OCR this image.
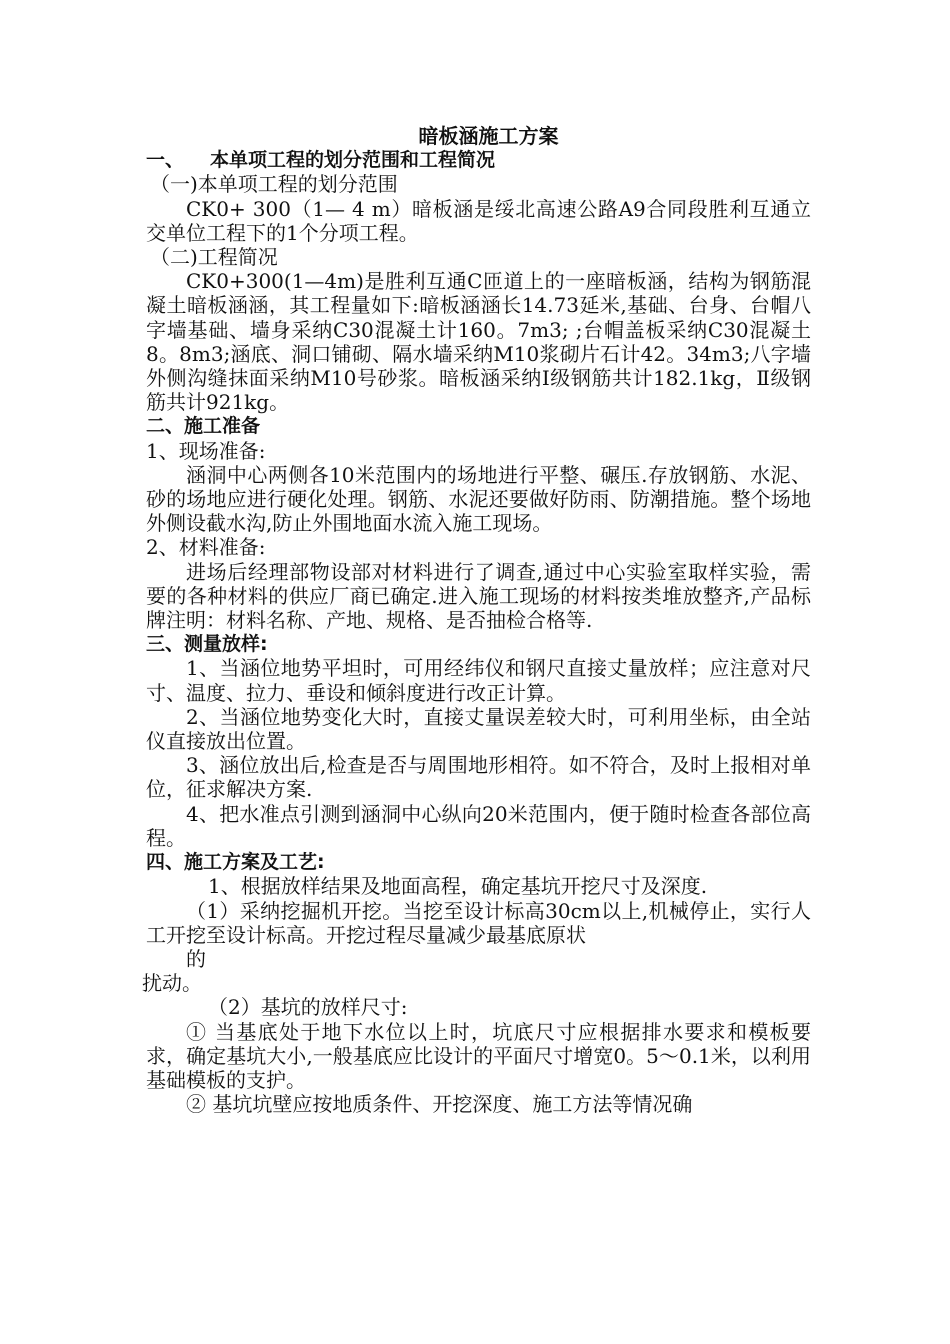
暗板涵施工方案
一、 本单项工程的划分范围和工程简况
（一)本单项工程的划分范围
CK0+ 300（1— 4 m）暗板涵是绥北高速公路A9合同段胜利互通立交单位工程下的1个分项工程。
（二)工程简况
CK0+300(1—4m)是胜利互通C匝道上的一座暗板涵，结构为钢筋混凝土暗板涵涵，其工程量如下:暗板涵涵长14.73延米,基础、台身、台帽八字墙基础、墙身采纳C30混凝土计160。7m3; ;台帽盖板采纳C30混凝土8。8m3;涵底、洞口铺砌、隔水墙采纳M10浆砌片石计42。34m3;八字墙外侧沟缝抹面采纳M10号砂浆。暗板涵采纳Ⅰ级钢筋共计182.1kg，Ⅱ级钢筋共计921kg。
二、施工准备
1、现场准备:
涵洞中心两侧各10米范围内的场地进行平整、碾压.存放钢筋、水泥、砂的场地应进行硬化处理。钢筋、水泥还要做好防雨、防潮措施。整个场地外侧设截水沟,防止外围地面水流入施工现场。
2、材料准备:
进场后经理部物设部对材料进行了调查,通过中心实验室取样实验，需要的各种材料的供应厂商已确定.进入施工现场的材料按类堆放整齐,产品标牌注明：材料名称、产地、规格、是否抽检合格等.
三、测量放样:
1、当涵位地势平坦时，可用经纬仪和钢尺直接丈量放样；应注意对尺寸、温度、拉力、垂设和倾斜度进行改正计算。
2、当涵位地势变化大时，直接丈量误差较大时，可利用坐标，由全站仪直接放出位置。
3、涵位放出后,检查是否与周围地形相符。如不符合，及时上报相对单位，征求解决方案.
4、把水准点引测到涵洞中心纵向20米范围内，便于随时检查各部位高程。
四、施工方案及工艺:
1、根据放样结果及地面高程，确定基坑开挖尺寸及深度.
（1）采纳挖掘机开挖。当挖至设计标高30cm以上,机械停止，实行人工开挖至设计标高。开挖过程尽量减少最基底原状
的
扰动。
（2）基坑的放样尺寸:
① 当基底处于地下水位以上时，坑底尺寸应根据排水要求和模板要求，确定基坑大小,一般基底应比设计的平面尺寸增宽0。5～0.1米，以利用基础模板的支护。
② 基坑坑壁应按地质条件、开挖深度、施工方法等情况确
